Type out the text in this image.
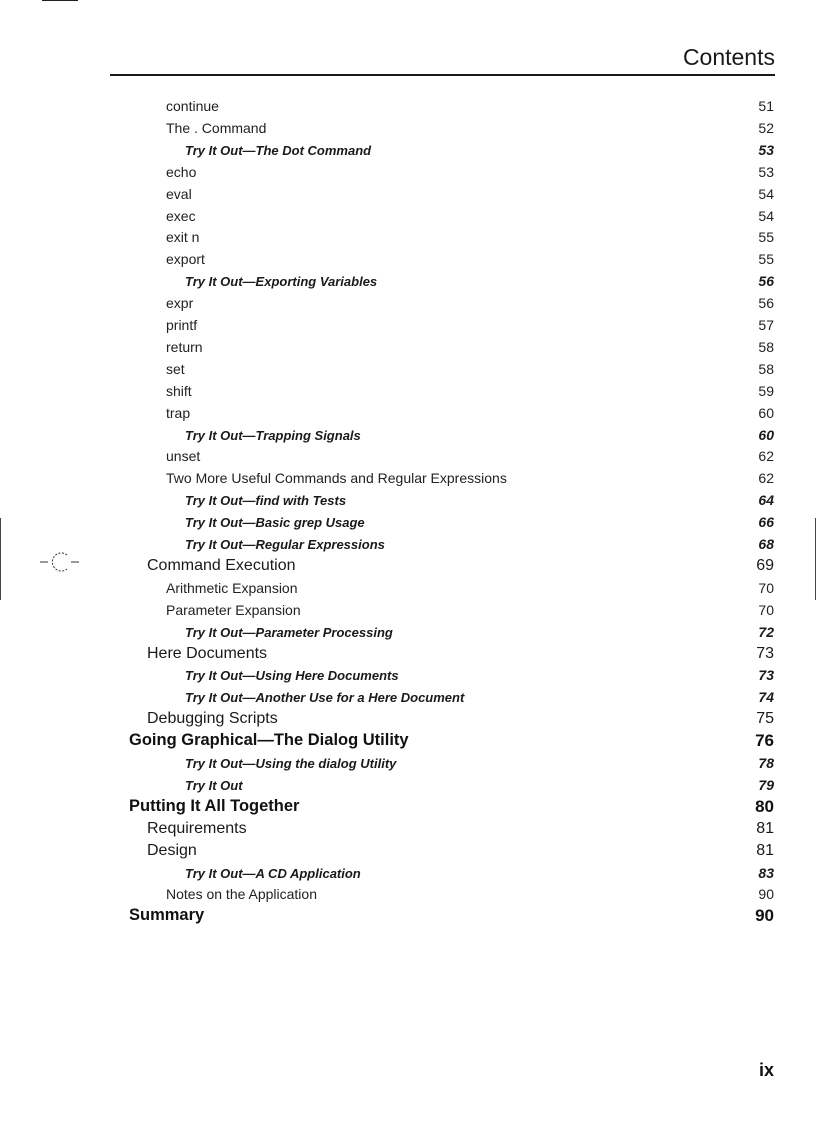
Contents
continue	51
The . Command	52
Try It Out—The Dot Command	53
echo	53
eval	54
exec	54
exit n	55
export	55
Try It Out—Exporting Variables	56
expr	56
printf	57
return	58
set	58
shift	59
trap	60
Try It Out—Trapping Signals	60
unset	62
Two More Useful Commands and Regular Expressions	62
Try It Out—find with Tests	64
Try It Out—Basic grep Usage	66
Try It Out—Regular Expressions	68
Command Execution	69
Arithmetic Expansion	70
Parameter Expansion	70
Try It Out—Parameter Processing	72
Here Documents	73
Try It Out—Using Here Documents	73
Try It Out—Another Use for a Here Document	74
Debugging Scripts	75
Going Graphical—The Dialog Utility	76
Try It Out—Using the dialog Utility	78
Try It Out	79
Putting It All Together	80
Requirements	81
Design	81
Try It Out—A CD Application	83
Notes on the Application	90
Summary	90
ix
